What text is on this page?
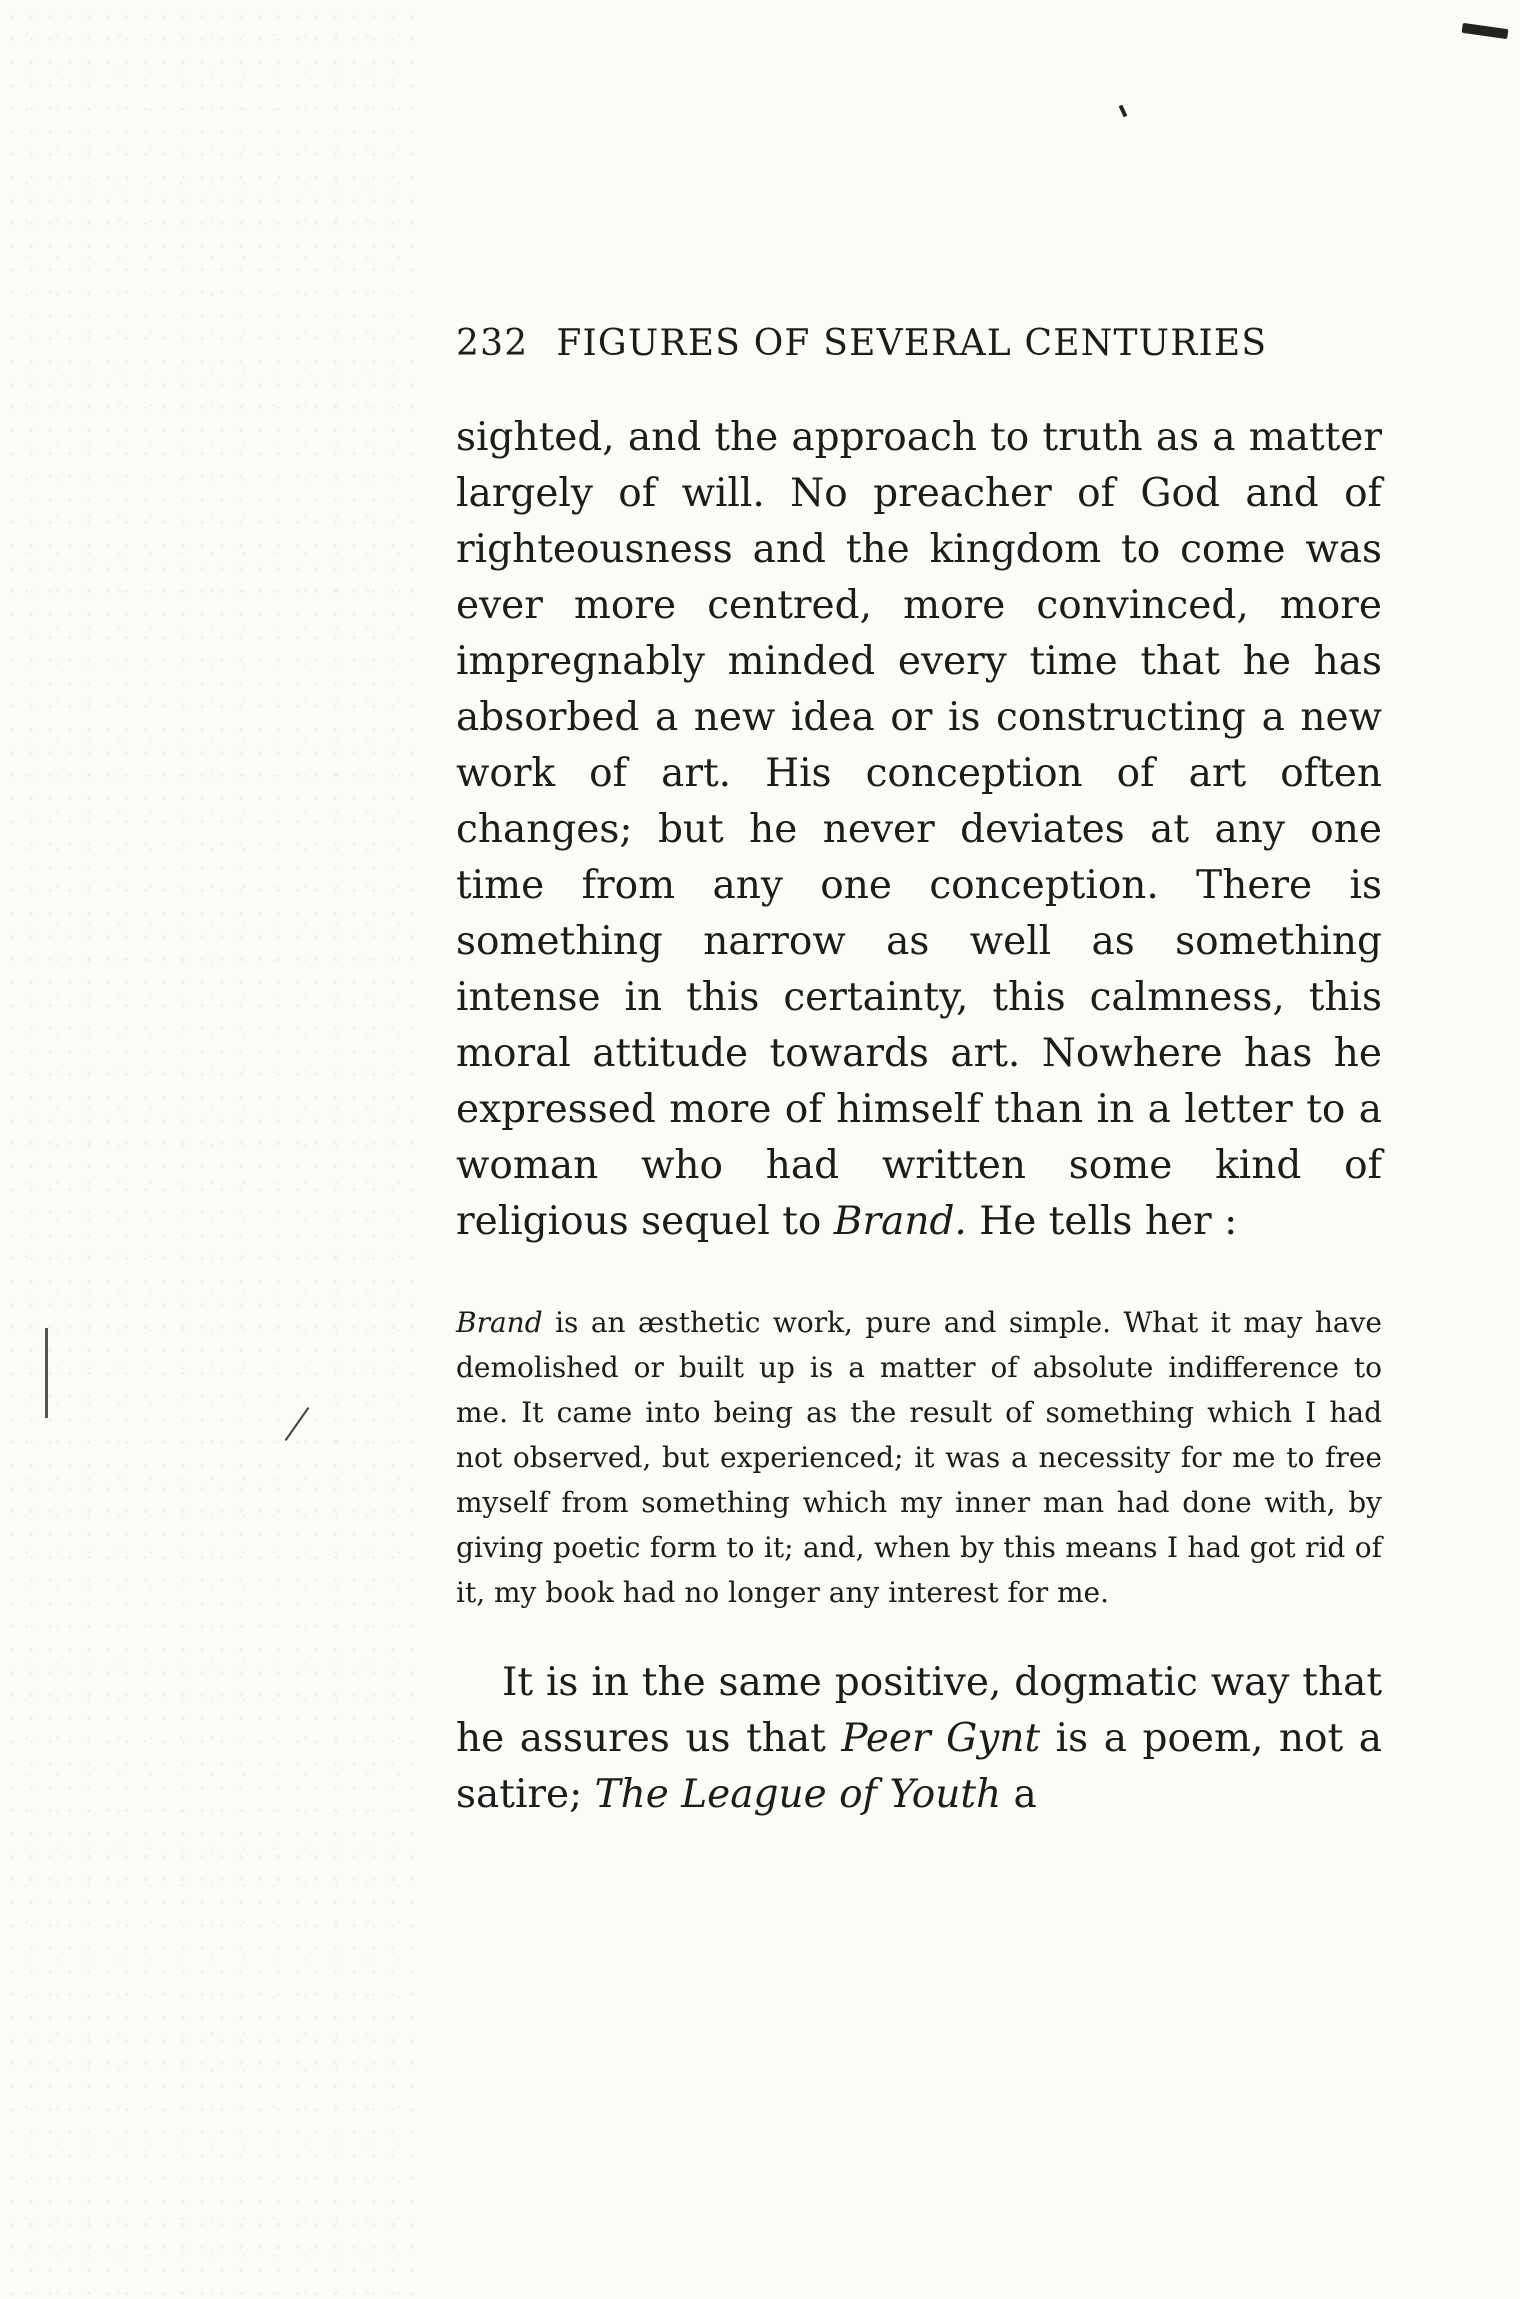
232 FIGURES OF SEVERAL CENTURIES

sighted, and the approach to truth as a matter largely of will. No preacher of God and of righteousness and the kingdom to come was ever more centred, more convinced, more impregnably minded every time that he has absorbed a new idea or is constructing a new work of art. His conception of art often changes; but he never deviates at any one time from any one conception. There is something narrow as well as something intense in this certainty, this calmness, this moral attitude towards art. Nowhere has he expressed more of himself than in a letter to a woman who had written some kind of religious sequel to Brand. He tells her :

Brand is an æsthetic work, pure and simple. What it may have demolished or built up is a matter of absolute indifference to me. It came into being as the result of something which I had not observed, but experienced; it was a necessity for me to free myself from something which my inner man had done with, by giving poetic form to it; and, when by this means I had got rid of it, my book had no longer any interest for me.

It is in the same positive, dogmatic way that he assures us that Peer Gynt is a poem, not a satire; The League of Youth a
